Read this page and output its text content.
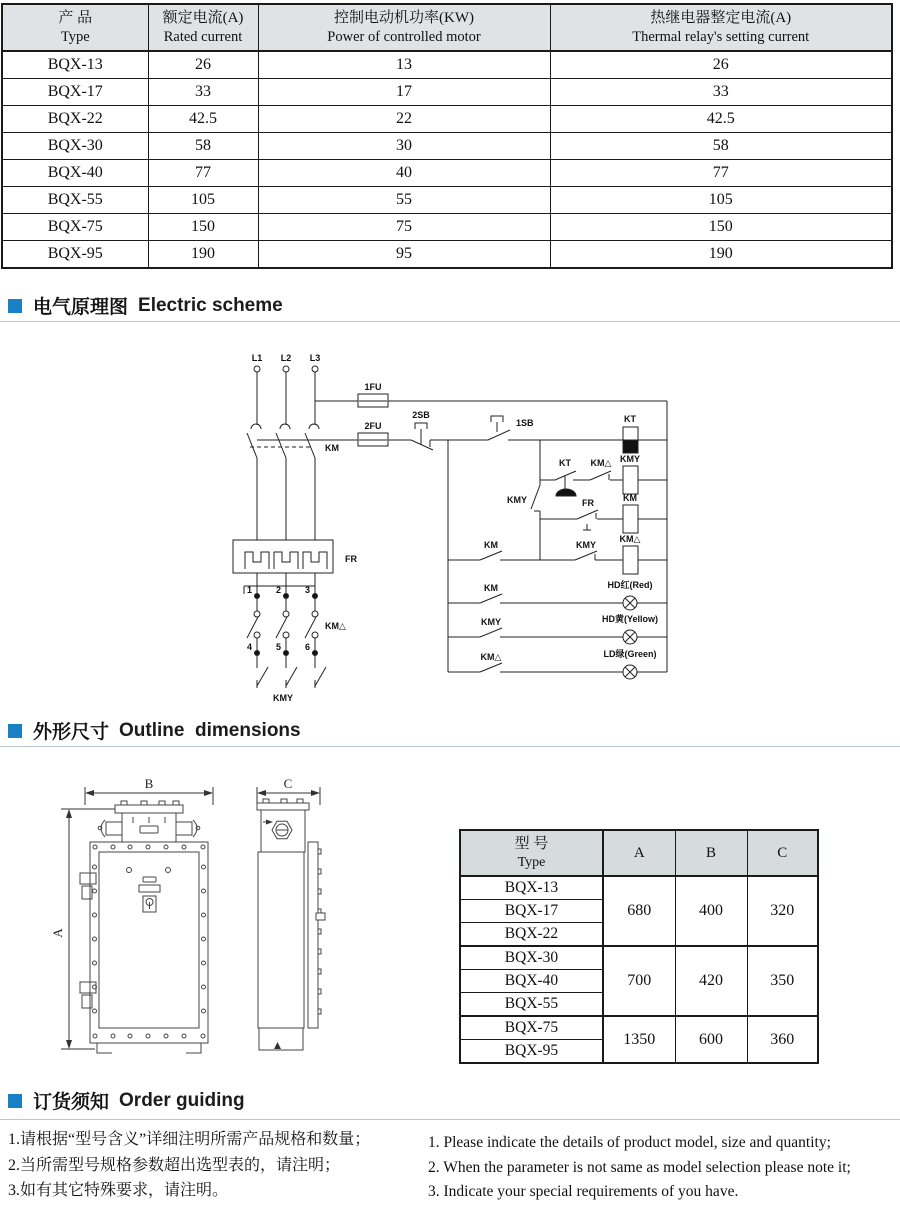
产 品
Type

额定电流(A)
Rated current

控制电动机功率(KW)
Power of controlled motor

热继电器整定电流(A)
Thermal relay's setting current

BQX-13	26	13	26
BQX-17	33	17	33
BQX-22	42.5	22	42.5
BQX-30	58	30	58
BQX-40	77	40	77
BQX-55	105	55	105
BQX-75	150	75	150
BQX-95	190	95	190
电气原理图 Electric scheme
L1 L2 L3
1FU
2FU
2SB
1SB
KM
FR
1	2	3
4	5	6
KM△
KMY
KT
KT KM△ KMY
KMY	FR	KM
KM	KMY
KM△
KM
KMY
KM△
HD红(Red)
HD黄(Yellow)
LD绿(Green)
外形尺寸 Outline  dimensions
B
A
C
型 号
Type	A	B	C
BQX-13	680	400	320
BQX-17			
BQX-22			
BQX-30	700	420	350
BQX-40			
BQX-55			
BQX-75	1350	600	360
BQX-95			
订货须知 Order guiding
1.请根据“型号含义”详细注明所需产品规格和数量；
2.当所需型号规格参数超出选型表的，请注明；
3.如有其它特殊要求，请注明。
1. Please indicate the details of product model, size and quantity;
2. When the parameter is not same as model selection please note it;
3. Indicate your special requirements of you have.
